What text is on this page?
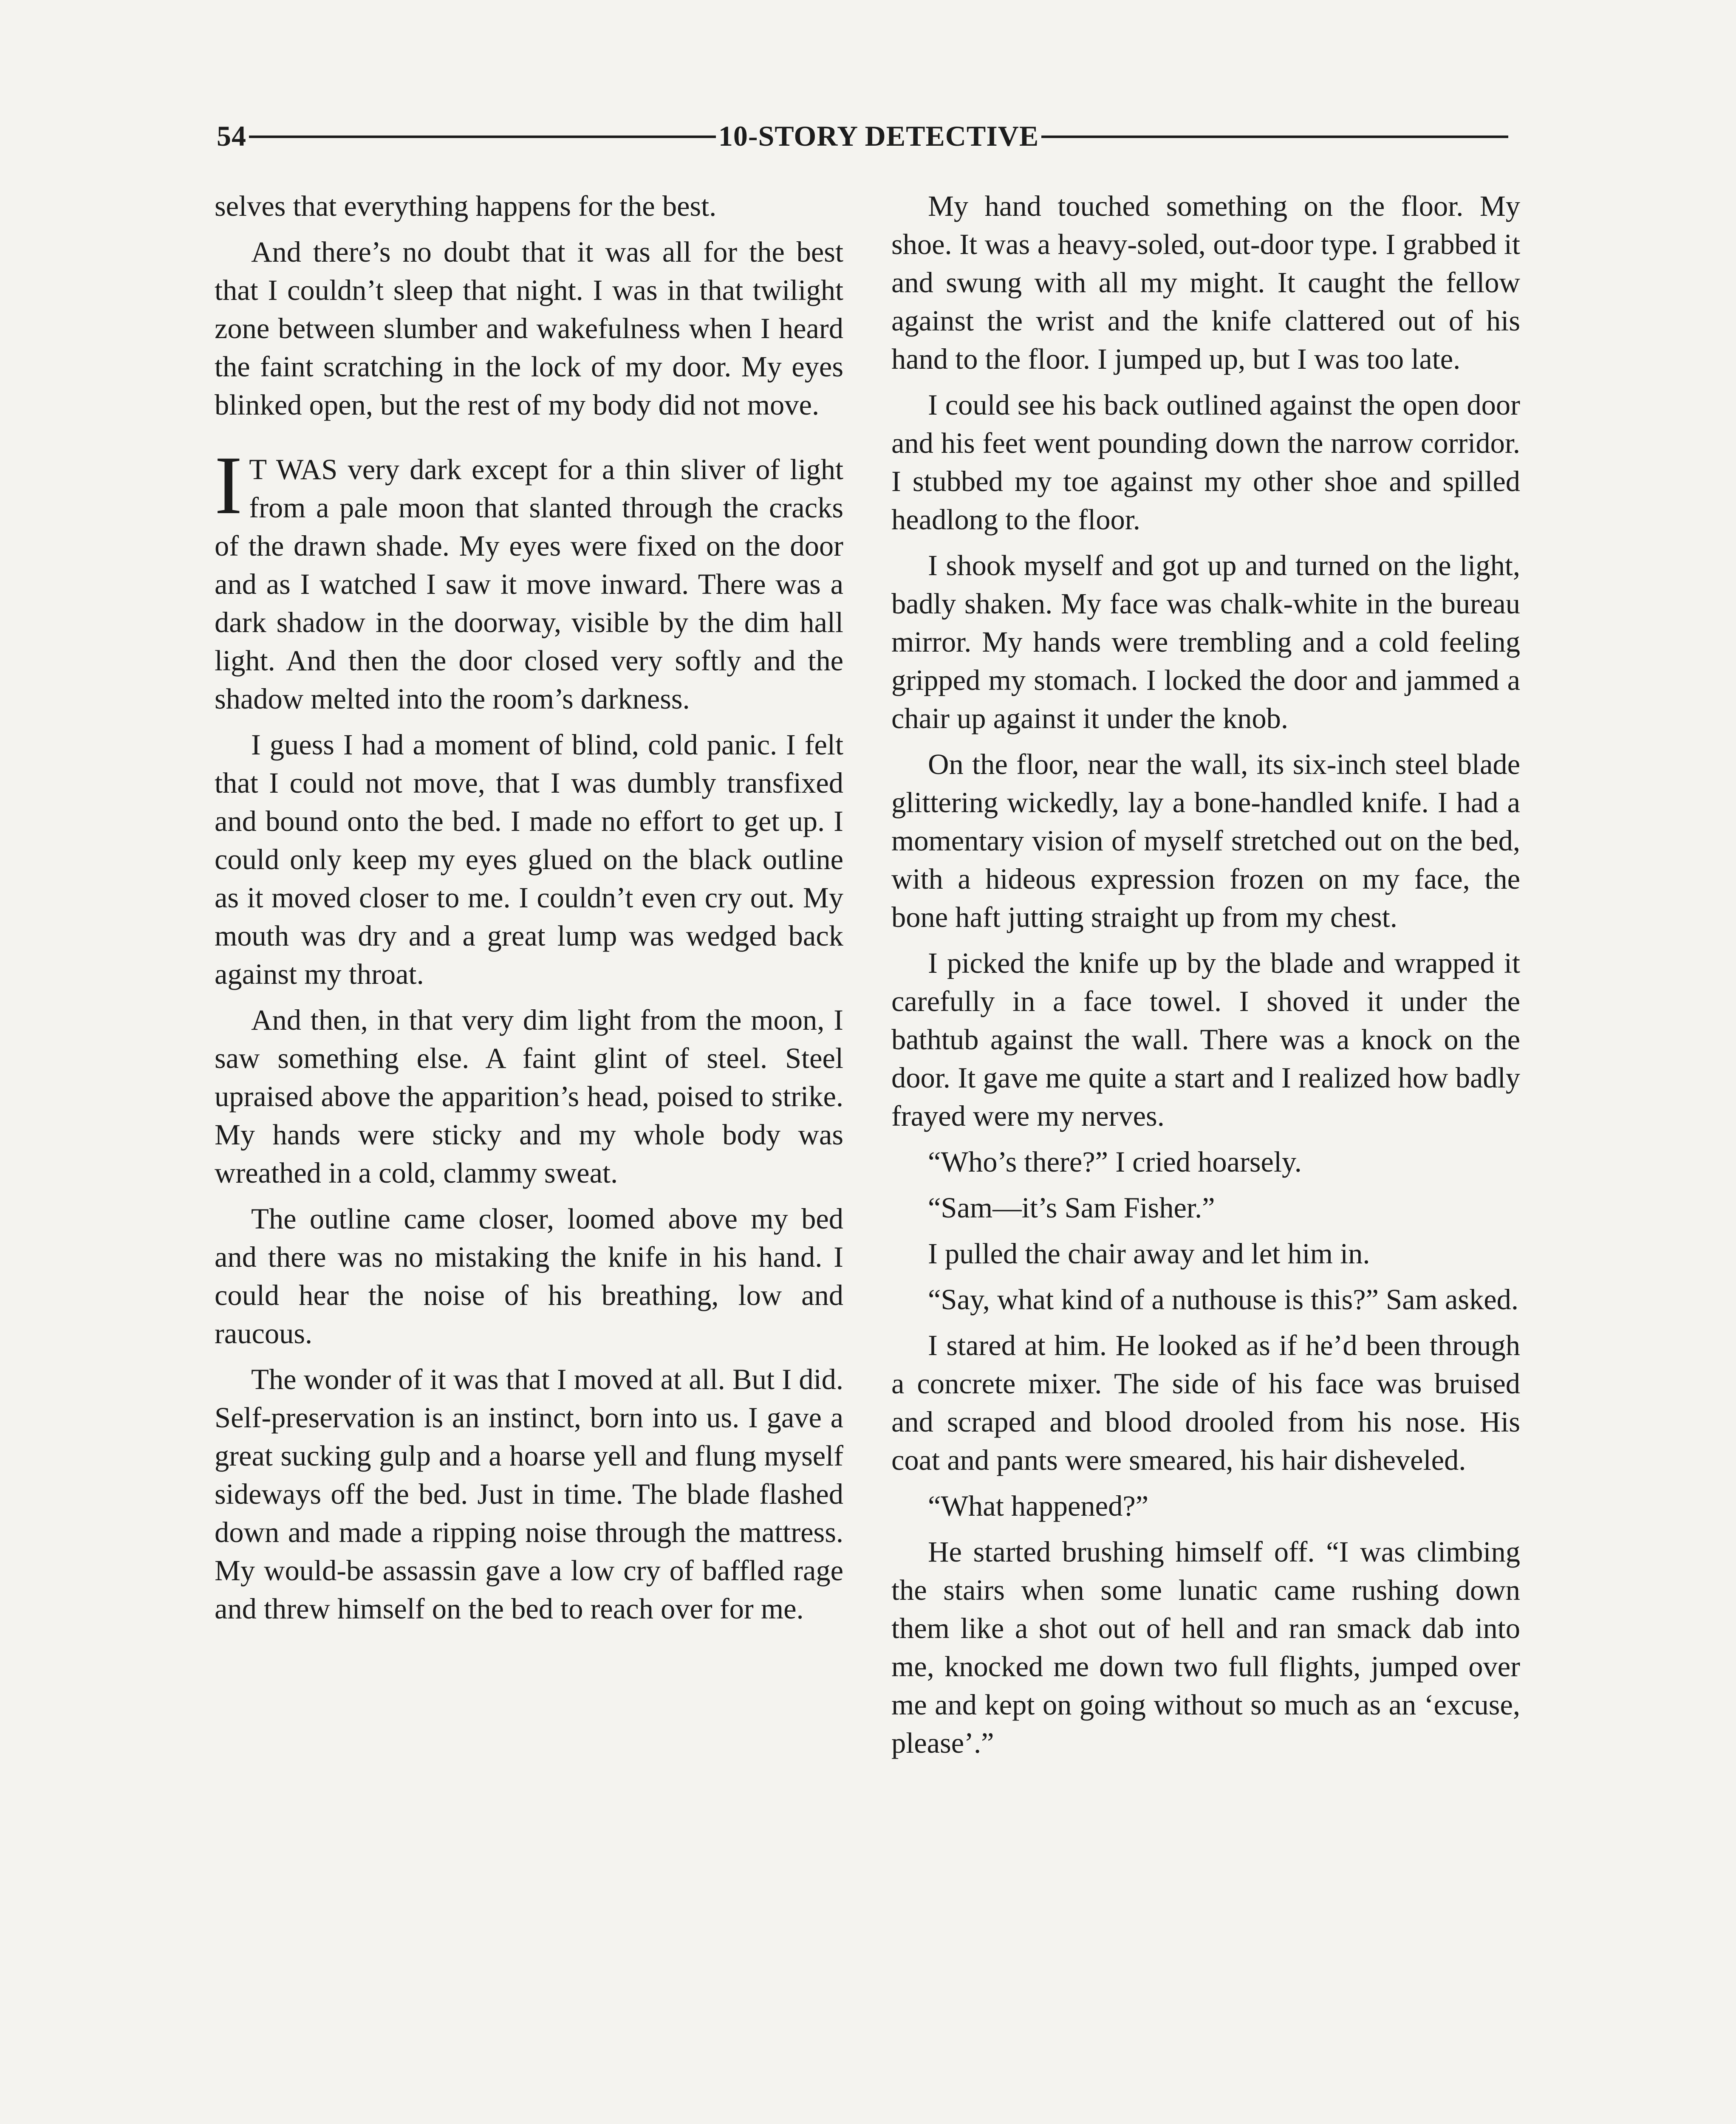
54	10-STORY DETECTIVE

selves that everything happens for the best.

And there’s no doubt that it was all for the best that I couldn’t sleep that night. I was in that twilight zone between slumber and wakefulness when I heard the faint scratching in the lock of my door. My eyes blinked open, but the rest of my body did not move.

I T WAS very dark except for a thin sliver of light from a pale moon that slanted through the cracks of the drawn shade. My eyes were fixed on the door and as I watched I saw it move inward. There was a dark shadow in the doorway, visible by the dim hall light. And then the door closed very softly and the shadow melted into the room’s darkness.

I guess I had a moment of blind, cold panic. I felt that I could not move, that I was dumbly transfixed and bound onto the bed. I made no effort to get up. I could only keep my eyes glued on the black outline as it moved closer to me. I couldn’t even cry out. My mouth was dry and a great lump was wedged back against my throat.

And then, in that very dim light from the moon, I saw something else. A faint glint of steel. Steel upraised above the apparition’s head, poised to strike. My hands were sticky and my whole body was wreathed in a cold, clammy sweat.

The outline came closer, loomed above my bed and there was no mistaking the knife in his hand. I could hear the noise of his breathing, low and raucous.

The wonder of it was that I moved at all. But I did. Self-preservation is an instinct, born into us. I gave a great sucking gulp and a hoarse yell and flung myself sideways off the bed. Just in time. The blade flashed down and made a ripping noise through the mattress. My would-be assassin gave a low cry of baffled rage and threw himself on the bed to reach over for me.

My hand touched something on the floor. My shoe. It was a heavy-soled, out-door type. I grabbed it and swung with all my might. It caught the fellow against the wrist and the knife clattered out of his hand to the floor. I jumped up, but I was too late.

I could see his back outlined against the open door and his feet went pounding down the narrow corridor. I stubbed my toe against my other shoe and spilled headlong to the floor.

I shook myself and got up and turned on the light, badly shaken. My face was chalk-white in the bureau mirror. My hands were trembling and a cold feeling gripped my stomach. I locked the door and jammed a chair up against it under the knob.

On the floor, near the wall, its six-inch steel blade glittering wickedly, lay a bone-handled knife. I had a momentary vision of myself stretched out on the bed, with a hideous expression frozen on my face, the bone haft jutting straight up from my chest.

I picked the knife up by the blade and wrapped it carefully in a face towel. I shoved it under the bathtub against the wall. There was a knock on the door. It gave me quite a start and I realized how badly frayed were my nerves.

“Who’s there?” I cried hoarsely.

“Sam—it’s Sam Fisher.”

I pulled the chair away and let him in.

“Say, what kind of a nuthouse is this?” Sam asked.

I stared at him. He looked as if he’d been through a concrete mixer. The side of his face was bruised and scraped and blood drooled from his nose. His coat and pants were smeared, his hair disheveled.

“What happened?”

He started brushing himself off. “I was climbing the stairs when some lunatic came rushing down them like a shot out of hell and ran smack dab into me, knocked me down two full flights, jumped over me and kept on going without so much as an ‘excuse, please’.”
